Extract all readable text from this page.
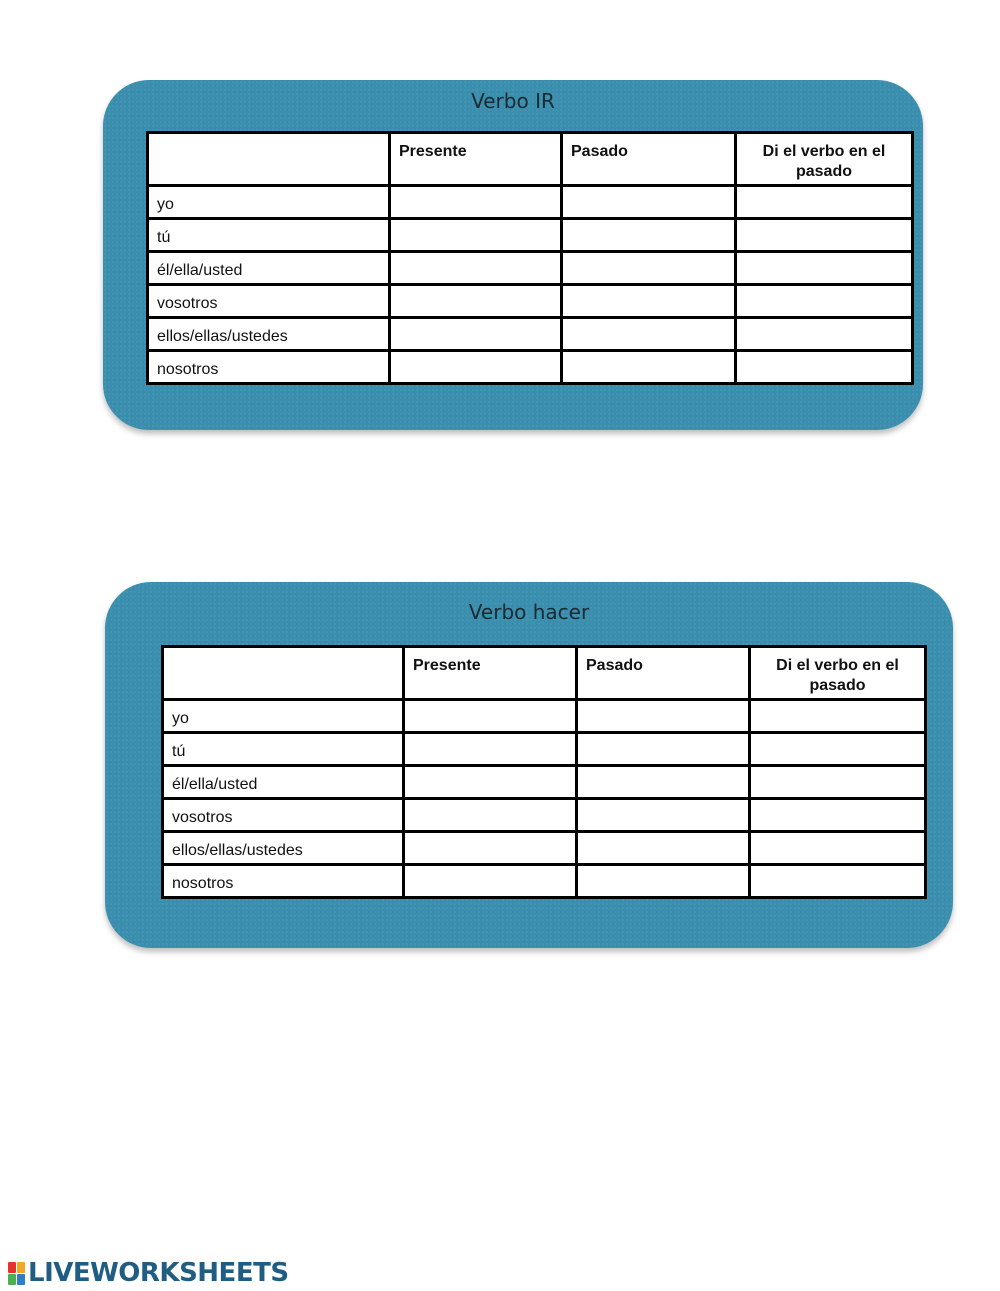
Verbo IR

	Presente	Pasado	Di el verbo en el pasado

yo			

tú			

él/ella/usted			

vosotros			

ellos/ellas/ustedes			

nosotros			

Verbo hacer

	Presente	Pasado	Di el verbo en el pasado

yo			

tú			

él/ella/usted			

vosotros			

ellos/ellas/ustedes			

nosotros			

LIVEWORKSHEETS
